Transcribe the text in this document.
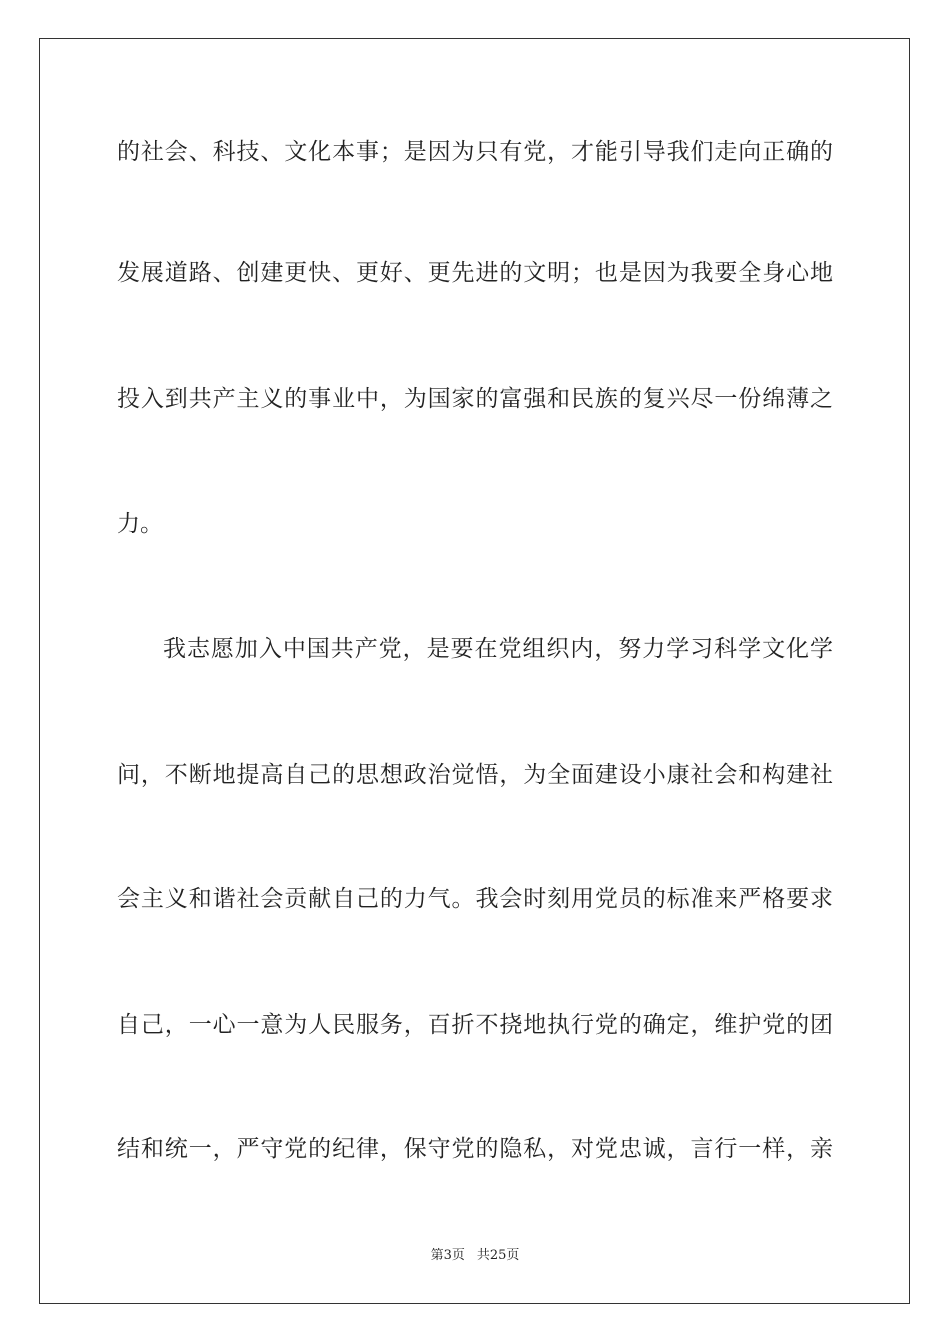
的社会、科技、文化本事；是因为只有党，才能引导我们走向正确的
发展道路、创建更快、更好、更先进的文明；也是因为我要全身心地
投入到共产主义的事业中，为国家的富强和民族的复兴尽一份绵薄之
力。
我志愿加入中国共产党，是要在党组织内，努力学习科学文化学
问，不断地提高自己的思想政治觉悟，为全面建设小康社会和构建社
会主义和谐社会贡献自己的力气。我会时刻用党员的标准来严格要求
自己，一心一意为人民服务，百折不挠地执行党的确定，维护党的团
结和统一，严守党的纪律，保守党的隐私，对党忠诚，言行一样，亲
第3页 共25页
